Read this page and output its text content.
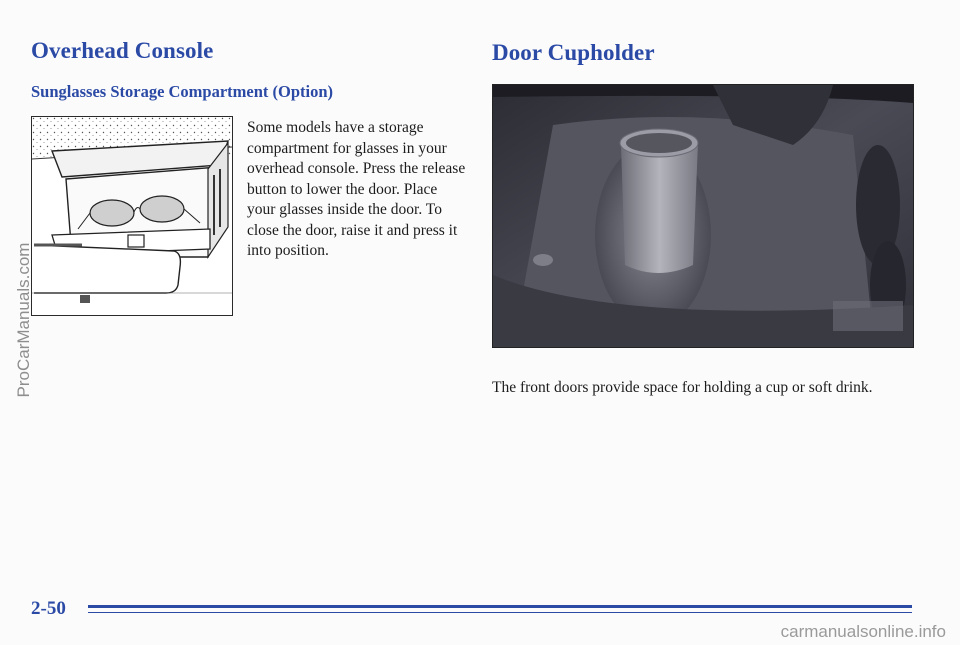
Overhead Console
Sunglasses Storage Compartment (Option)

Some models have a storage compartment for glasses in your overhead console. Press the release button to lower the door. Place your glasses inside the door. To close the door, raise it and press it into position.

Door Cupholder

The front doors provide space for holding a cup or soft drink.

2-50
ProCarManuals.com
carmanualsonline.info
